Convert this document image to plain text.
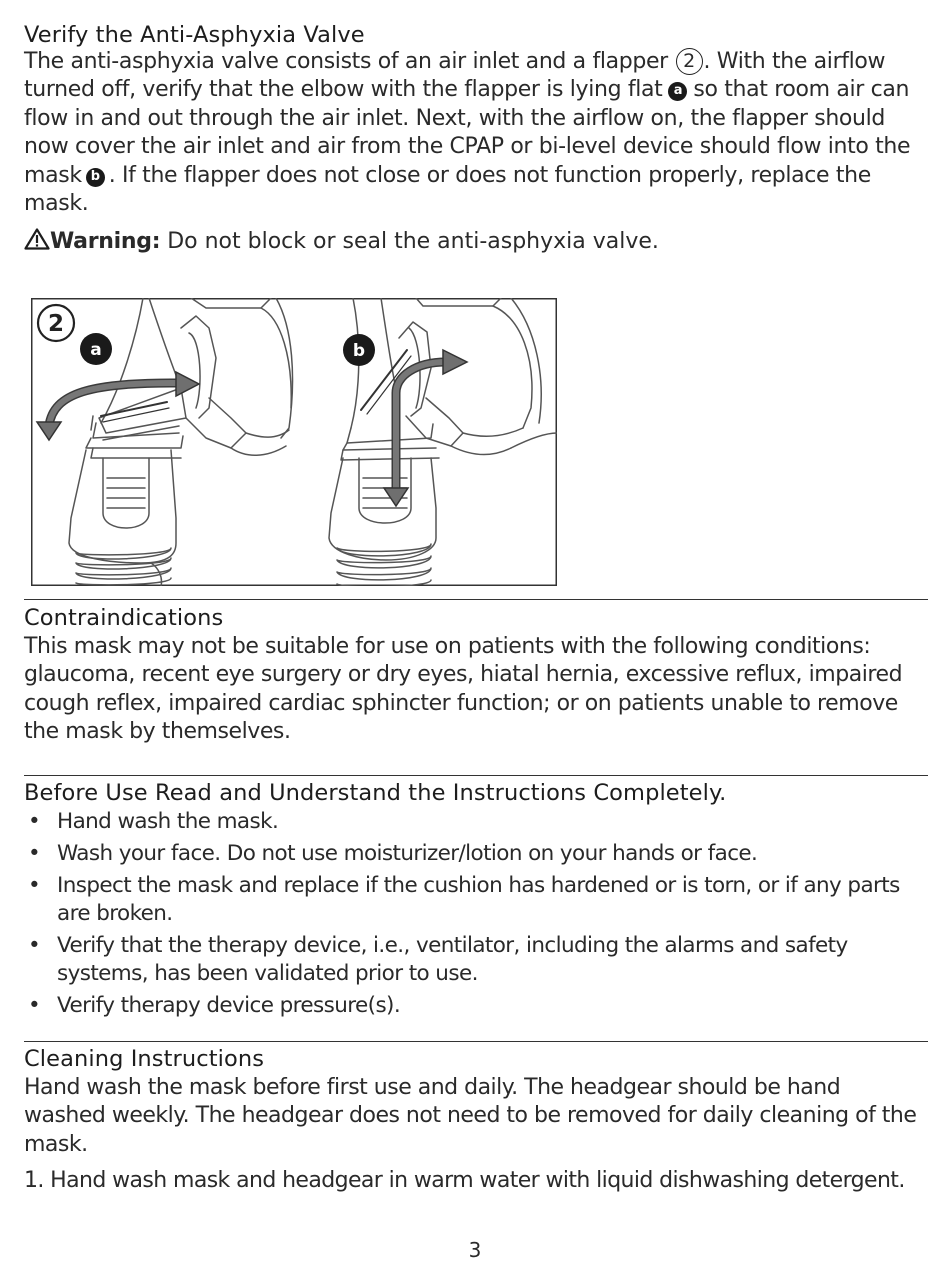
Verify the Anti-Asphyxia Valve

The anti-asphyxia valve consists of an air inlet and a flapper 2 . With the airflow turned off, verify that the elbow with the flapper is lying flat a so that room air can flow in and out through the air inlet. Next, with the airflow on, the flapper should now cover the air inlet and air from the CPAP or bi-level device should flow into the mask b . If the flapper does not close or does not function properly, replace the mask.

Warning: Do not block or seal the anti-asphyxia valve.

2
a	b
Contraindications

This mask may not be suitable for use on patients with the following conditions: glaucoma, recent eye surgery or dry eyes, hiatal hernia, excessive reflux, impaired cough reflex, impaired cardiac sphincter function; or on patients unable to remove the mask by themselves.

Before Use Read and Understand the Instructions Completely.
• Hand wash the mask.
• Wash your face. Do not use moisturizer/lotion on your hands or face.
• Inspect the mask and replace if the cushion has hardened or is torn, or if any parts are broken.
• Verify that the therapy device, i.e., ventilator, including the alarms and safety systems, has been validated prior to use.
• Verify therapy device pressure(s).
Cleaning Instructions

Hand wash the mask before first use and daily. The headgear should be hand washed weekly. The headgear does not need to be removed for daily cleaning of the mask.

1. Hand wash mask and headgear in warm water with liquid dishwashing detergent.

3
